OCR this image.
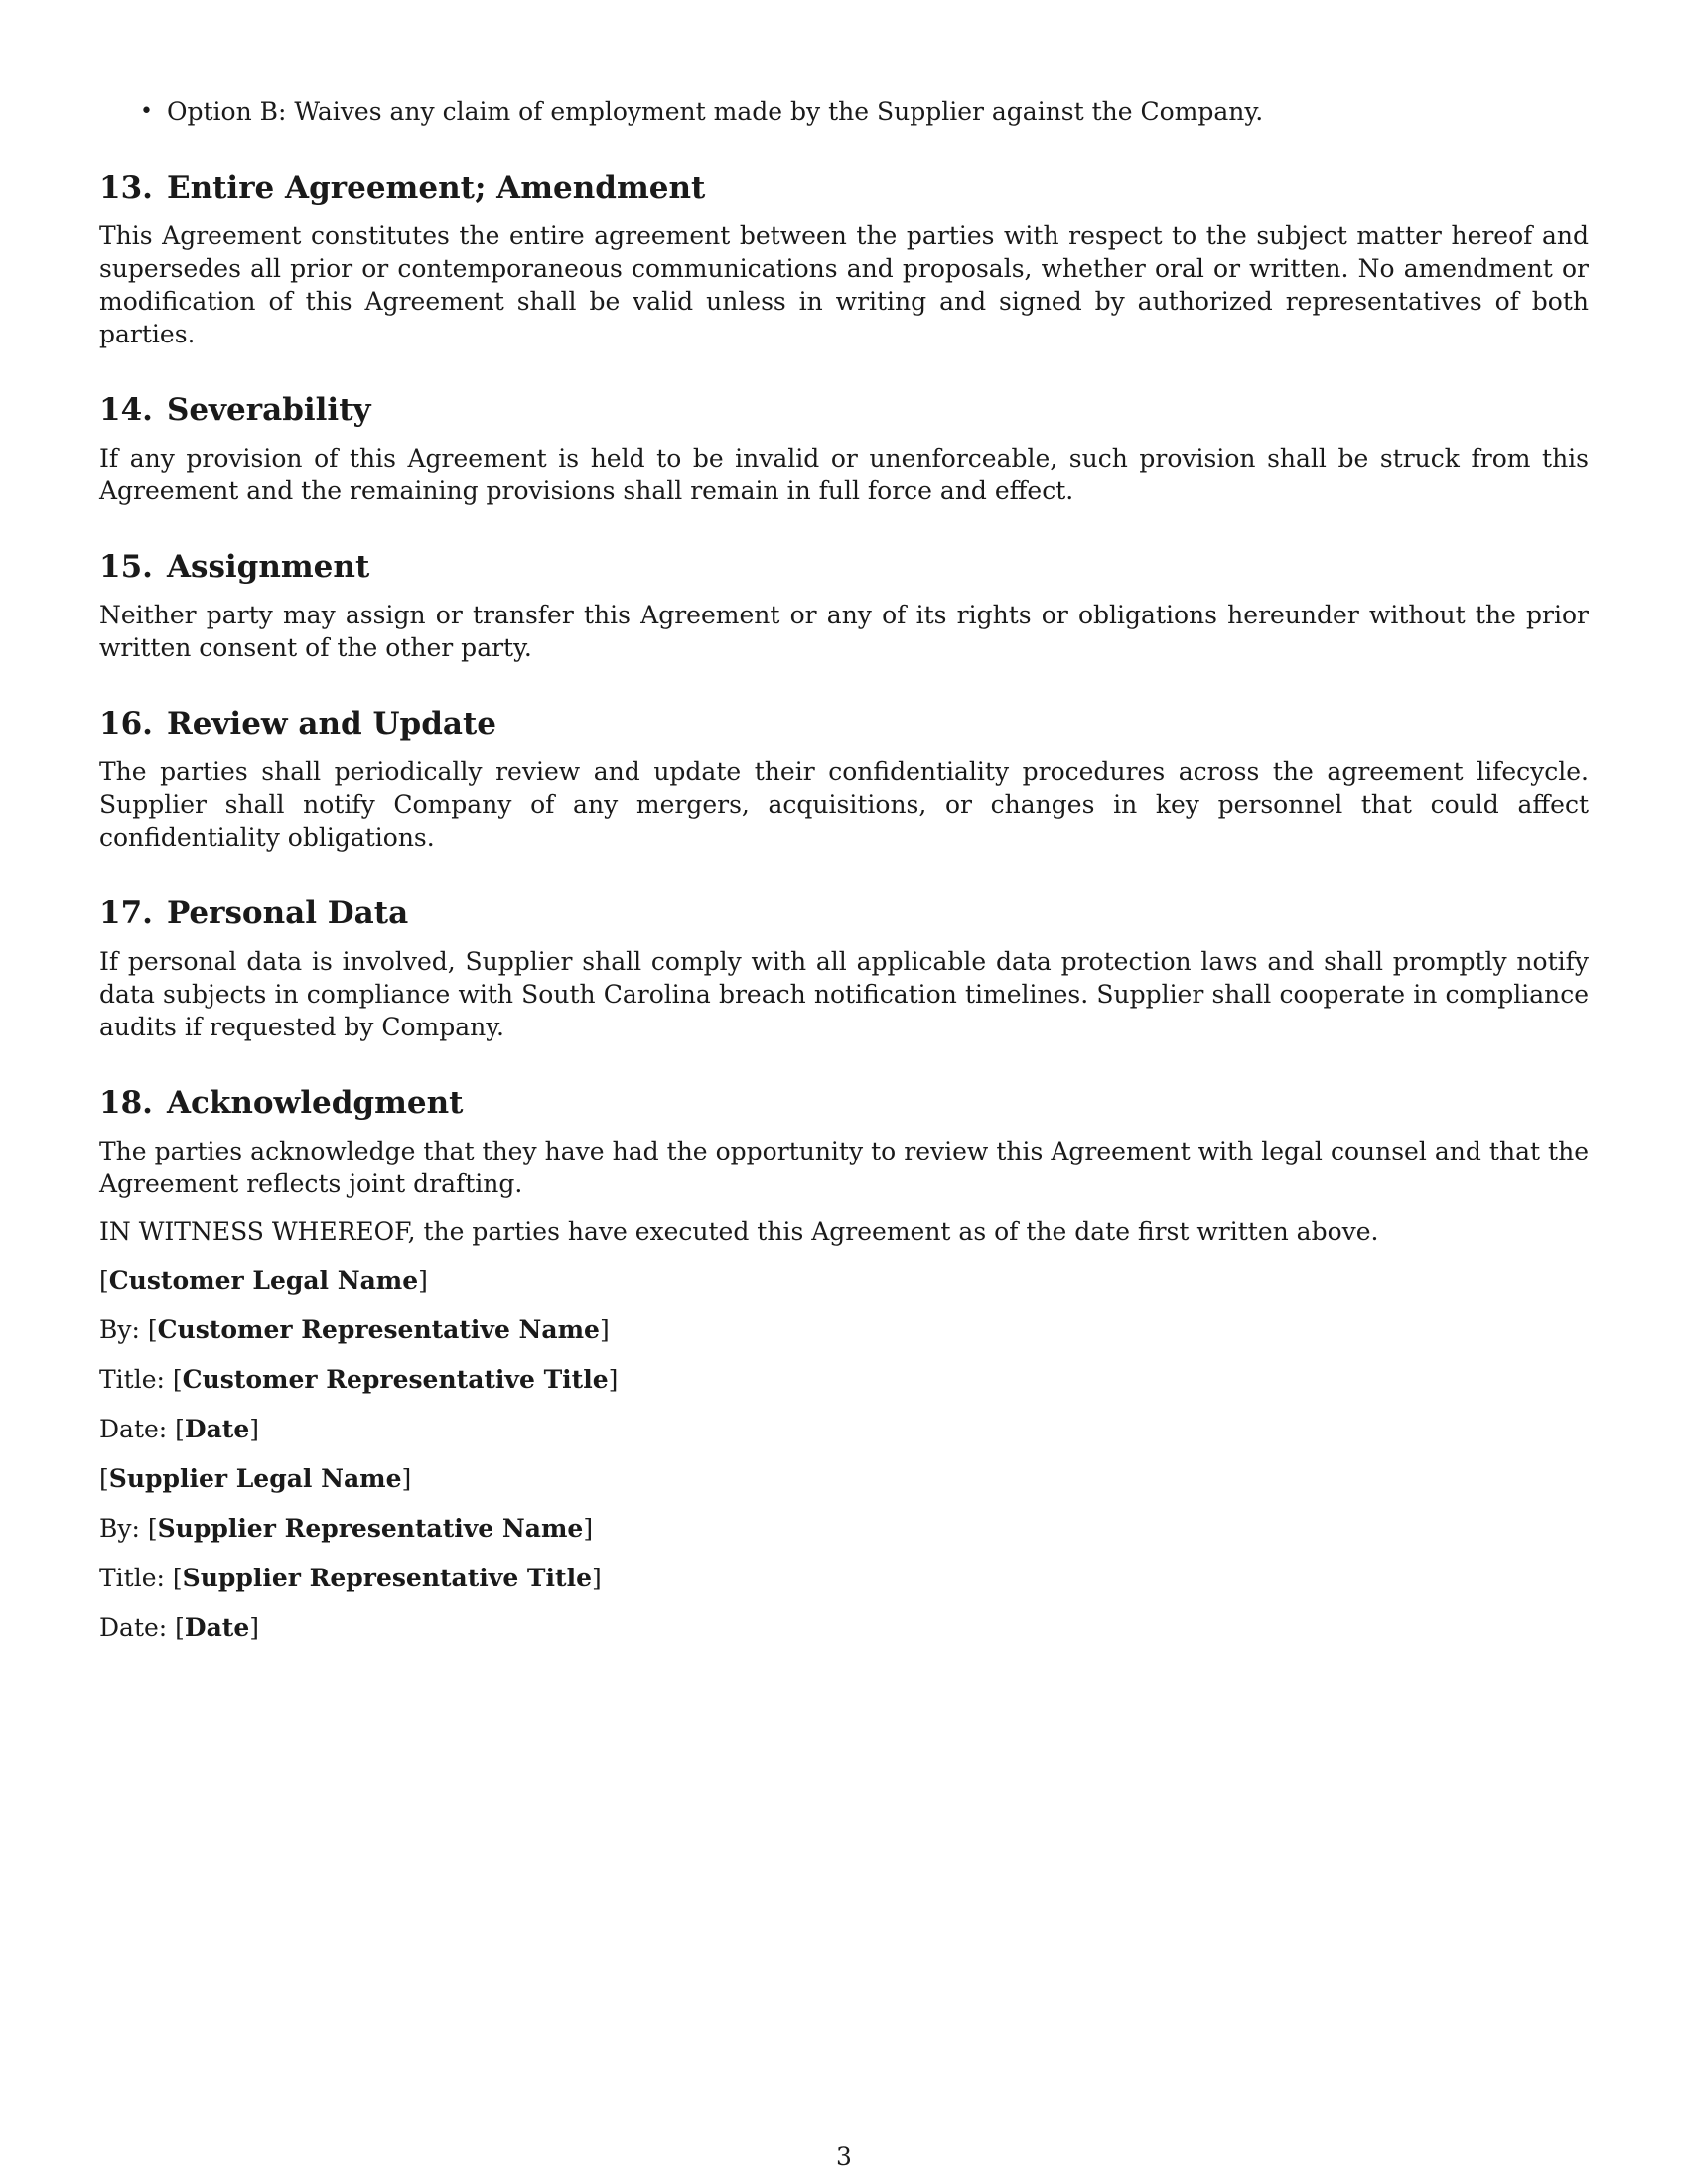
• Option B: Waives any claim of employment made by the Supplier against the Company.
13. Entire Agreement; Amendment

This Agreement constitutes the entire agreement between the parties with respect to the subject matter hereof and supersedes all prior or contemporaneous communications and proposals, whether oral or written. No amendment or modification of this Agreement shall be valid unless in writing and signed by authorized representatives of both parties.

14. Severability

If any provision of this Agreement is held to be invalid or unenforceable, such provision shall be struck from this Agreement and the remaining provisions shall remain in full force and effect.

15. Assignment

Neither party may assign or transfer this Agreement or any of its rights or obligations hereunder without the prior written consent of the other party.

16. Review and Update

The parties shall periodically review and update their confidentiality procedures across the agreement lifecycle. Supplier shall notify Company of any mergers, acquisitions, or changes in key personnel that could affect confidentiality obligations.

17. Personal Data

If personal data is involved, Supplier shall comply with all applicable data protection laws and shall promptly notify data subjects in compliance with South Carolina breach notification timelines. Supplier shall cooperate in compliance audits if requested by Company.

18. Acknowledgment

The parties acknowledge that they have had the opportunity to review this Agreement with legal counsel and that the Agreement reflects joint drafting.

IN WITNESS WHEREOF, the parties have executed this Agreement as of the date first written above.

[Customer Legal Name]

By: [Customer Representative Name]

Title: [Customer Representative Title]

Date: [Date]

[Supplier Legal Name]

By: [Supplier Representative Name]

Title: [Supplier Representative Title]

Date: [Date]

3
